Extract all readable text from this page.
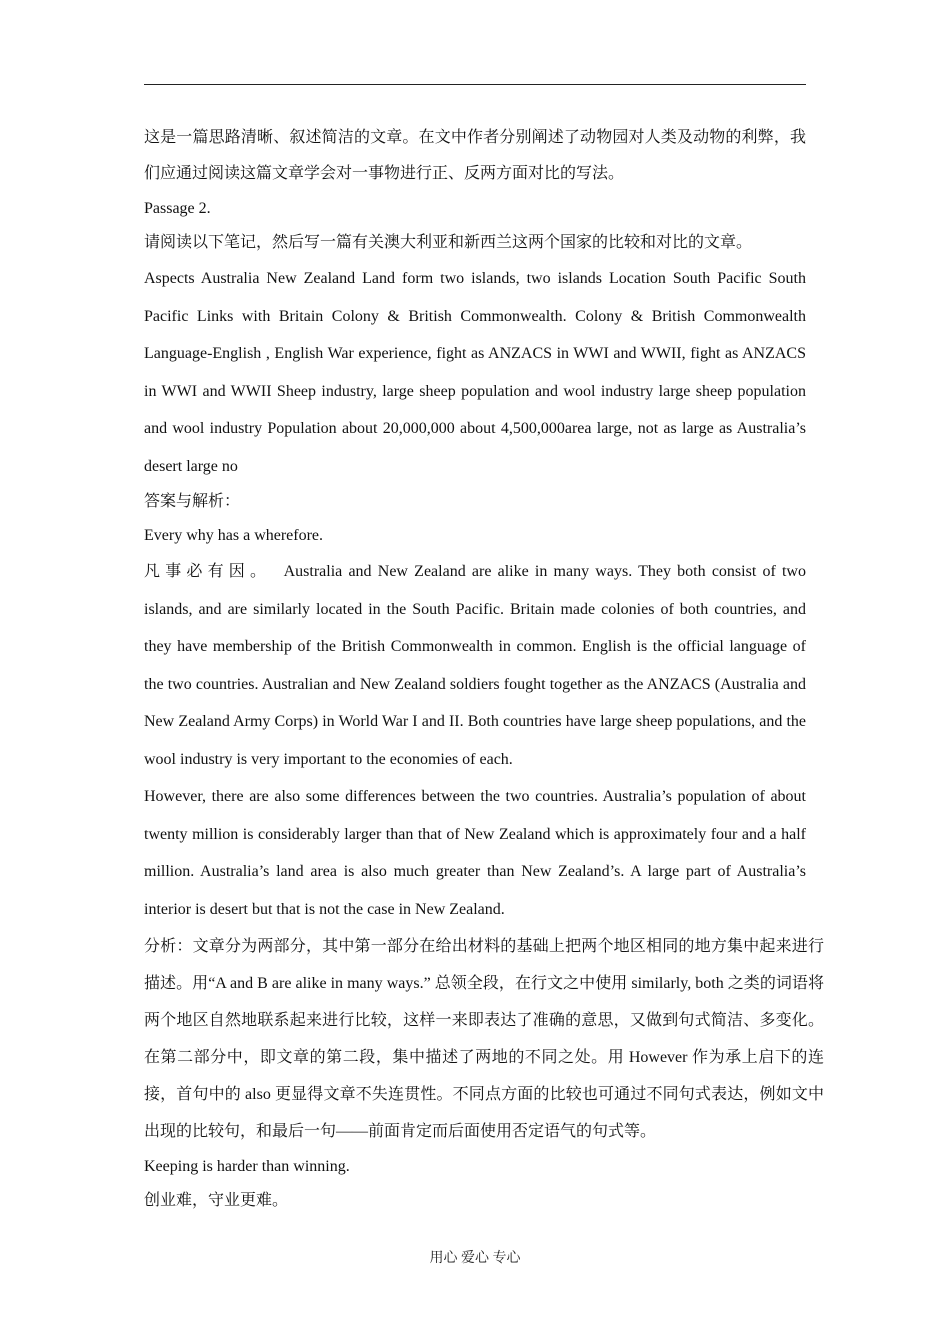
这是一篇思路清晰、叙述简洁的文章。在文中作者分别阐述了动物园对人类及动物的利弊，我们应通过阅读这篇文章学会对一事物进行正、反两方面对比的写法。

Passage 2.

请阅读以下笔记，然后写一篇有关澳大利亚和新西兰这两个国家的比较和对比的文章。

Aspects Australia New Zealand Land form two islands, two islands Location South Pacific South Pacific Links with Britain Colony & British Commonwealth. Colony & British Commonwealth Language-English , English War experience, fight as ANZACS in WWI and WWII, fight as ANZACS in WWI and WWII Sheep industry, large sheep population and wool industry large sheep population and wool industry Population about 20,000,000 about 4,500,000area large, not as large as Australia’s desert large no

答案与解析：

Every why has a wherefore.

凡事必有因。 Australia and New Zealand are alike in many ways. They both consist of two islands, and are similarly located in the South Pacific. Britain made colonies of both countries, and they have membership of the British Commonwealth in common. English is the official language of the two countries. Australian and New Zealand soldiers fought together as the ANZACS (Australia and New Zealand Army Corps) in World War I and II. Both countries have large sheep populations, and the wool industry is very important to the economies of each.

However, there are also some differences between the two countries. Australia’s population of about twenty million is considerably larger than that of New Zealand which is approximately four and a half million. Australia’s land area is also much greater than New Zealand’s. A large part of Australia’s interior is desert but that is not the case in New Zealand.

分析：文章分为两部分，其中第一部分在给出材料的基础上把两个地区相同的地方集中起来进行描述。用“A and B are alike in many ways.” 总领全段，在行文之中使用 similarly, both 之类的词语将两个地区自然地联系起来进行比较，这样一来即表达了准确的意思，又做到句式简洁、多变化。在第二部分中，即文章的第二段，集中描述了两地的不同之处。用 However 作为承上启下的连接，首句中的 also 更显得文章不失连贯性。不同点方面的比较也可通过不同句式表达，例如文中出现的比较句，和最后一句——前面肯定而后面使用否定语气的句式等。

Keeping is harder than winning.

创业难，守业更难。

用心 爱心 专心
